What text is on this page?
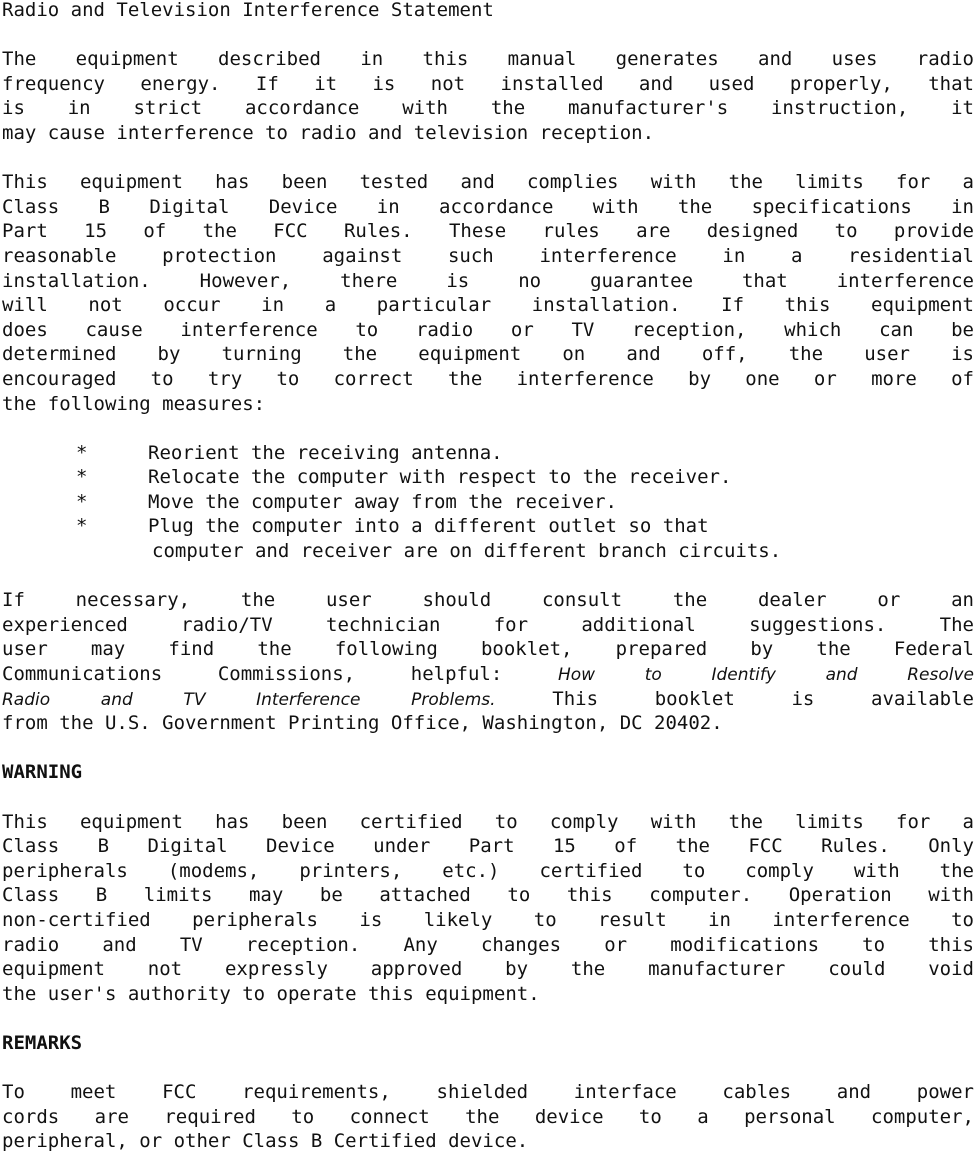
Radio and Television Interference Statement
The equipment described in this manual generates and uses radio
frequency energy. If it is not installed and used properly, that
is in strict accordance with the manufacturer's instruction, it
may cause interference to radio and television reception.
This equipment has been tested and complies with the limits for a
Class B Digital Device in accordance with the specifications in
Part 15 of the FCC Rules. These rules are designed to provide
reasonable protection against such interference in a residential
installation. However, there is no guarantee that interference
will not occur in a particular installation. If this equipment
does cause interference to radio or TV reception, which can be
determined by turning the equipment on and off, the user is
encouraged to try to correct the interference by one or more of
the following measures:
*	Reorient the receiving antenna.
*	Relocate the computer with respect to the receiver.
*	Move the computer away from the receiver.
*	Plug the computer into a different outlet so that
computer and receiver are on different branch circuits.
If necessary, the user should consult the dealer or an
experienced radio/TV technician for additional suggestions. The
user may find the following booklet, prepared by the Federal
Communications Commissions, helpful:	How to Identify and Resolve
Radio and TV Interference Problems.	This booklet is available
from the U.S. Government Printing Office, Washington, DC 20402.
WARNING
This equipment has been certified to comply with the limits for a
Class B Digital Device under Part 15 of the FCC Rules. Only
peripherals (modems, printers, etc.) certified to comply with the
Class B limits may be attached to this computer. Operation with
non-certified peripherals is likely to result in interference to
radio and TV reception. Any changes or modifications to this
equipment not expressly approved by the manufacturer could void
the user's authority to operate this equipment.
REMARKS
To meet FCC requirements, shielded interface cables and power
cords are required to connect the device to a personal computer,
peripheral, or other Class B Certified device.
